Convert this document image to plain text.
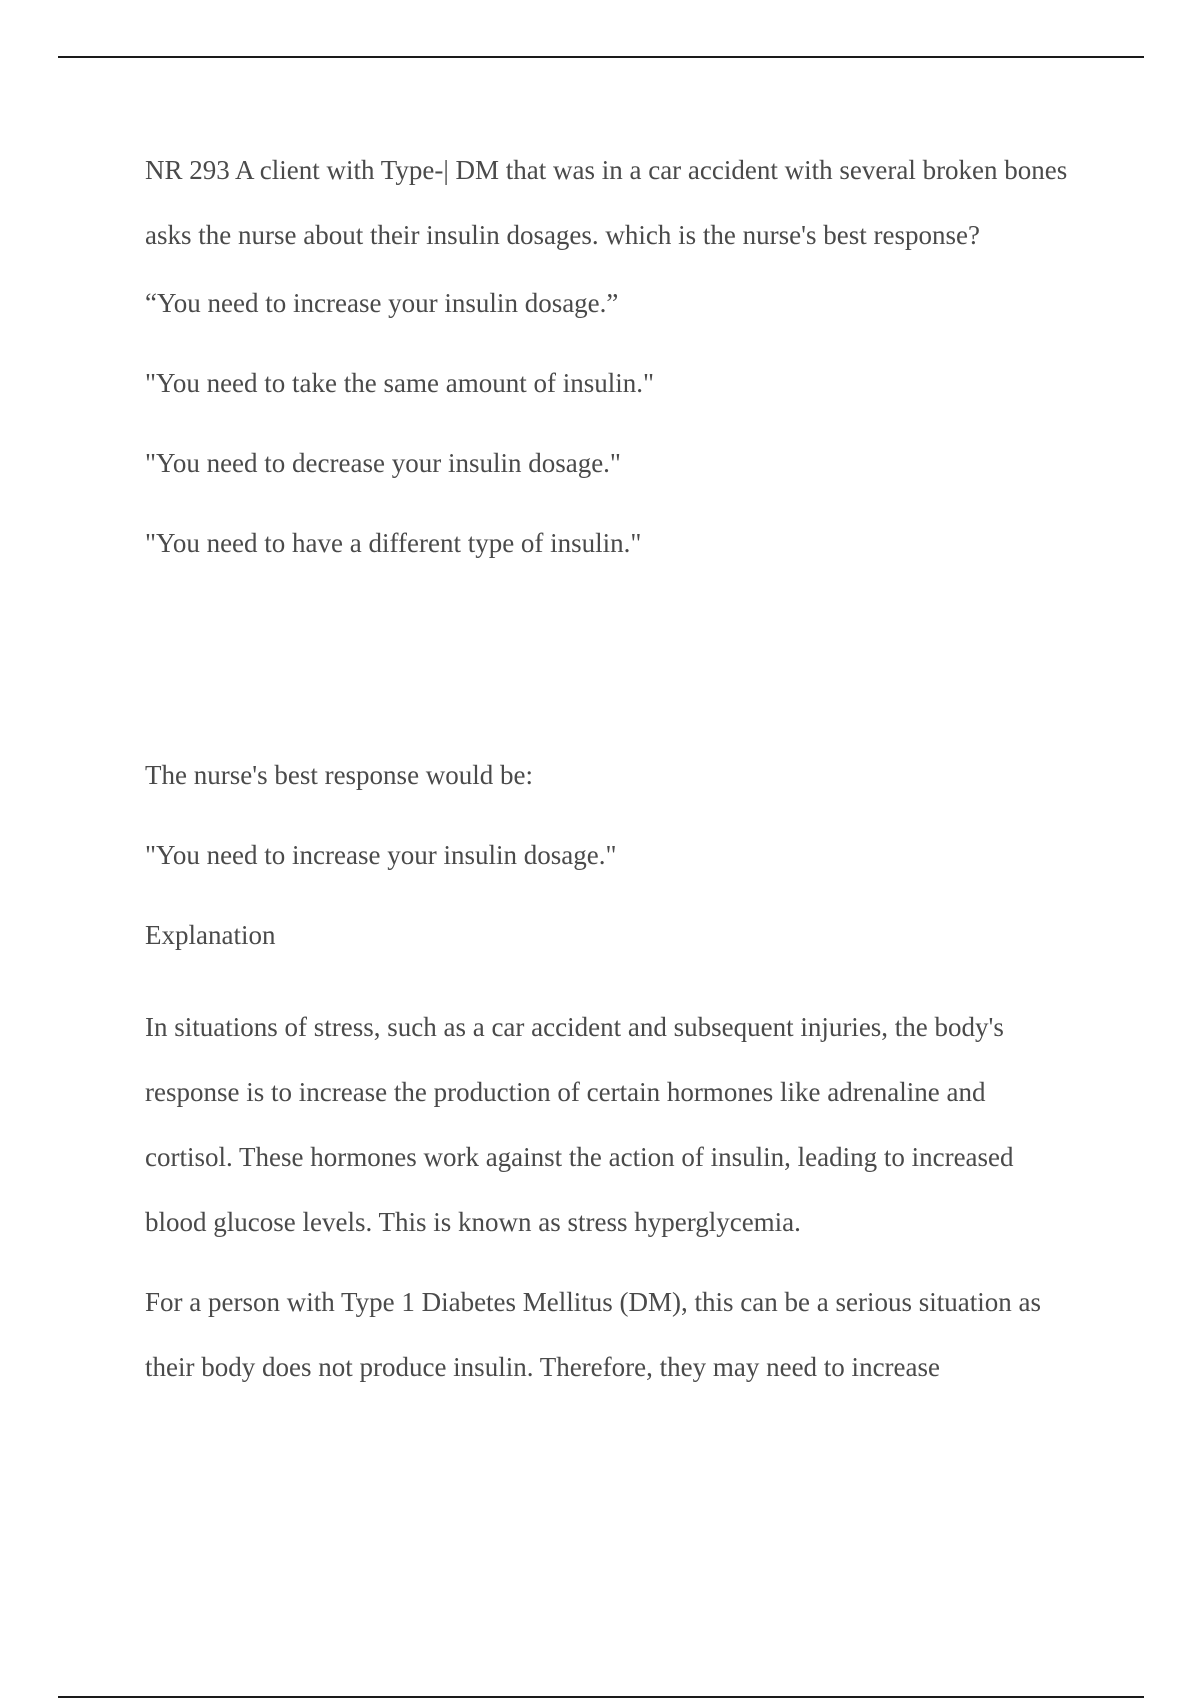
NR 293 A client with Type-| DM that was in a car accident with several broken bones asks the nurse about their insulin dosages. which is the nurse's best response?

“You need to increase your insulin dosage.”

"You need to take the same amount of insulin."

"You need to decrease your insulin dosage."

"You need to have a different type of insulin."

The nurse's best response would be:

"You need to increase your insulin dosage."

Explanation

In situations of stress, such as a car accident and subsequent injuries, the body's response is to increase the production of certain hormones like adrenaline and cortisol. These hormones work against the action of insulin, leading to increased blood glucose levels. This is known as stress hyperglycemia.

For a person with Type 1 Diabetes Mellitus (DM), this can be a serious situation as their body does not produce insulin. Therefore, they may need to increase
